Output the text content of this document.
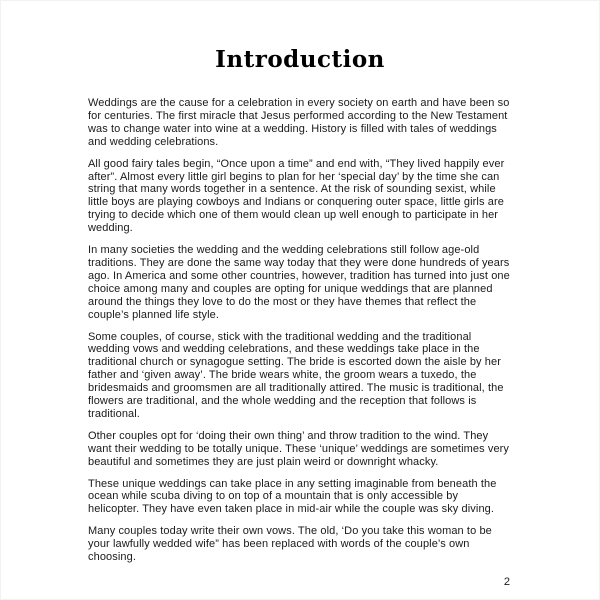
Introduction

Weddings are the cause for a celebration in every society on earth and have been so for centuries. The first miracle that Jesus performed according to the New Testament was to change water into wine at a wedding. History is filled with tales of weddings and wedding celebrations.

All good fairy tales begin, “Once upon a time” and end with, “They lived happily ever after”. Almost every little girl begins to plan for her ‘special day’ by the time she can string that many words together in a sentence. At the risk of sounding sexist, while little boys are playing cowboys and Indians or conquering outer space, little girls are trying to decide which one of them would clean up well enough to participate in her wedding.

In many societies the wedding and the wedding celebrations still follow age-old traditions. They are done the same way today that they were done hundreds of years ago. In America and some other countries, however, tradition has turned into just one choice among many and couples are opting for unique weddings that are planned around the things they love to do the most or they have themes that reflect the couple’s planned life style.

Some couples, of course, stick with the traditional wedding and the traditional wedding vows and wedding celebrations, and these weddings take place in the traditional church or synagogue setting. The bride is escorted down the aisle by her father and ‘given away’. The bride wears white, the groom wears a tuxedo, the bridesmaids and groomsmen are all traditionally attired. The music is traditional, the flowers are traditional, and the whole wedding and the reception that follows is traditional.

Other couples opt for ‘doing their own thing’ and throw tradition to the wind. They want their wedding to be totally unique. These ‘unique’ weddings are sometimes very beautiful and sometimes they are just plain weird or downright whacky.

These unique weddings can take place in any setting imaginable from beneath the ocean while scuba diving to on top of a mountain that is only accessible by helicopter. They have even taken place in mid-air while the couple was sky diving.

Many couples today write their own vows. The old, ‘Do you take this woman to be your lawfully wedded wife” has been replaced with words of the couple’s own choosing.

2
